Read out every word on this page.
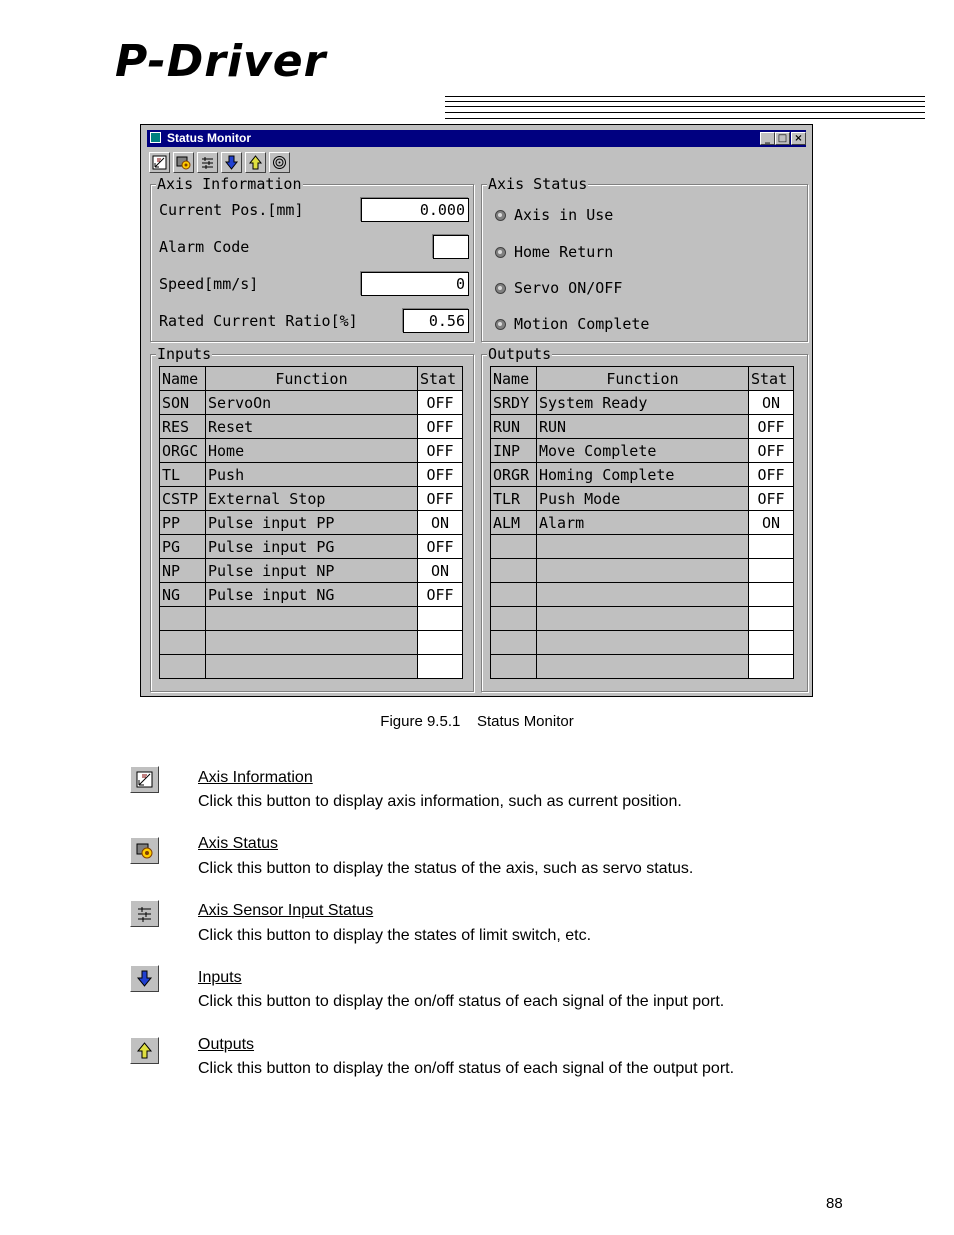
P-Driver
Status Monitor	_ □ ×
Axis Information
Current Pos.[mm]	0.000
Alarm Code
Speed[mm/s]	0
Rated Current Ratio[%]	0.56
Axis Status
Axis in Use
Home Return
Servo ON/OFF
Motion Complete
Inputs
Name	Function	Stat
SON	ServoOn	OFF
RES	Reset	OFF
ORGC	Home	OFF
TL	Push	OFF
CSTP	External Stop	OFF
PP	Pulse input PP	ON
PG	Pulse input PG	OFF
NP	Pulse input NP	ON
NG	Pulse input NG	OFF

Outputs
Name	Function	Stat
SRDY	System Ready	ON
RUN	RUN	OFF
INP	Move Complete	OFF
ORGR	Homing Complete	OFF
TLR	Push Mode	OFF
ALM	Alarm	ON

Figure 9.5.1    Status Monitor
Axis Information
Click this button to display axis information, such as current position.
Axis Status
Click this button to display the status of the axis, such as servo status.
Axis Sensor Input Status
Click this button to display the states of limit switch, etc.
Inputs
Click this button to display the on/off status of each signal of the input port.
Outputs
Click this button to display the on/off status of each signal of the output port.
88
